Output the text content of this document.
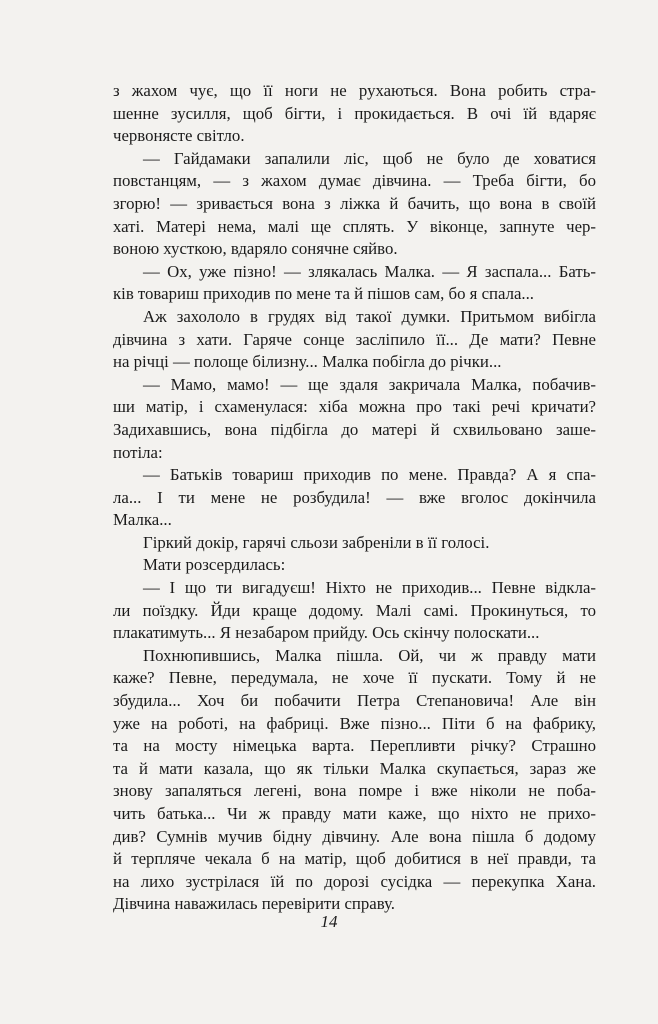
з жахом чує, що її ноги не рухаються. Вона робить стра-
шенне зусилля, щоб бігти, і прокидається. В очі їй вдаряє
червонясте світло.
— Гайдамаки запалили ліс, щоб не було де ховатися
повстанцям, — з жахом думає дівчина. — Треба бігти, бо
згорю! — зривається вона з ліжка й бачить, що вона в своїй
хаті. Матері нема, малі ще сплять. У віконце, запнуте чер-
воною хусткою, вдаряло сонячне сяйво.
— Ох, уже пізно! — злякалась Малка. — Я заспала... Бать-
ків товариш приходив по мене та й пішов сам, бо я спала...
Аж захололо в грудях від такої думки. Притьмом вибігла
дівчина з хати. Гаряче сонце засліпило її... Де мати? Певне
на річці — полоще білизну... Малка побігла до річки...
— Мамо, мамо! — ще здаля закричала Малка, побачив-
ши матір, і схаменулася: хіба можна про такі речі кричати?
Задихавшись, вона підбігла до матері й схвильовано зашe-
потіла:
— Батьків товариш приходив по мене. Правда? А я спа-
ла... І ти мене не розбудила! — вже вголос докінчила
Малка...
Гіркий докір, гарячі сльози забреніли в її голосі.
Мати розсердилась:
— І що ти вигадуєш! Ніхто не приходив... Певне відкла-
ли поїздку. Йди краще додому. Малі самі. Прокинуться, то
плакатимуть... Я незабаром прийду. Ось скінчу полоскати...
Похнюпившись, Малка пішла. Ой, чи ж правду мати
каже? Певне, передумала, не хоче її пускати. Тому й не
збудила... Хоч би побачити Петра Степановича! Але він
уже на роботі, на фабриці. Вже пізно... Піти б на фабрику,
та на мосту німецька варта. Перепливти річку? Страшно
та й мати казала, що як тільки Малка скупається, зараз же
знову запаляться легені, вона помре і вже ніколи не поба-
чить батька... Чи ж правду мати каже, що ніхто не прихо-
див? Сумнів мучив бідну дівчину. Але вона пішла б додому
й терпляче чекала б на матір, щоб добитися в неї правди, та
на лихо зустрілася їй по дорозі сусідка — перекупка Хана.
Дівчина наважилась перевірити справу.
14
